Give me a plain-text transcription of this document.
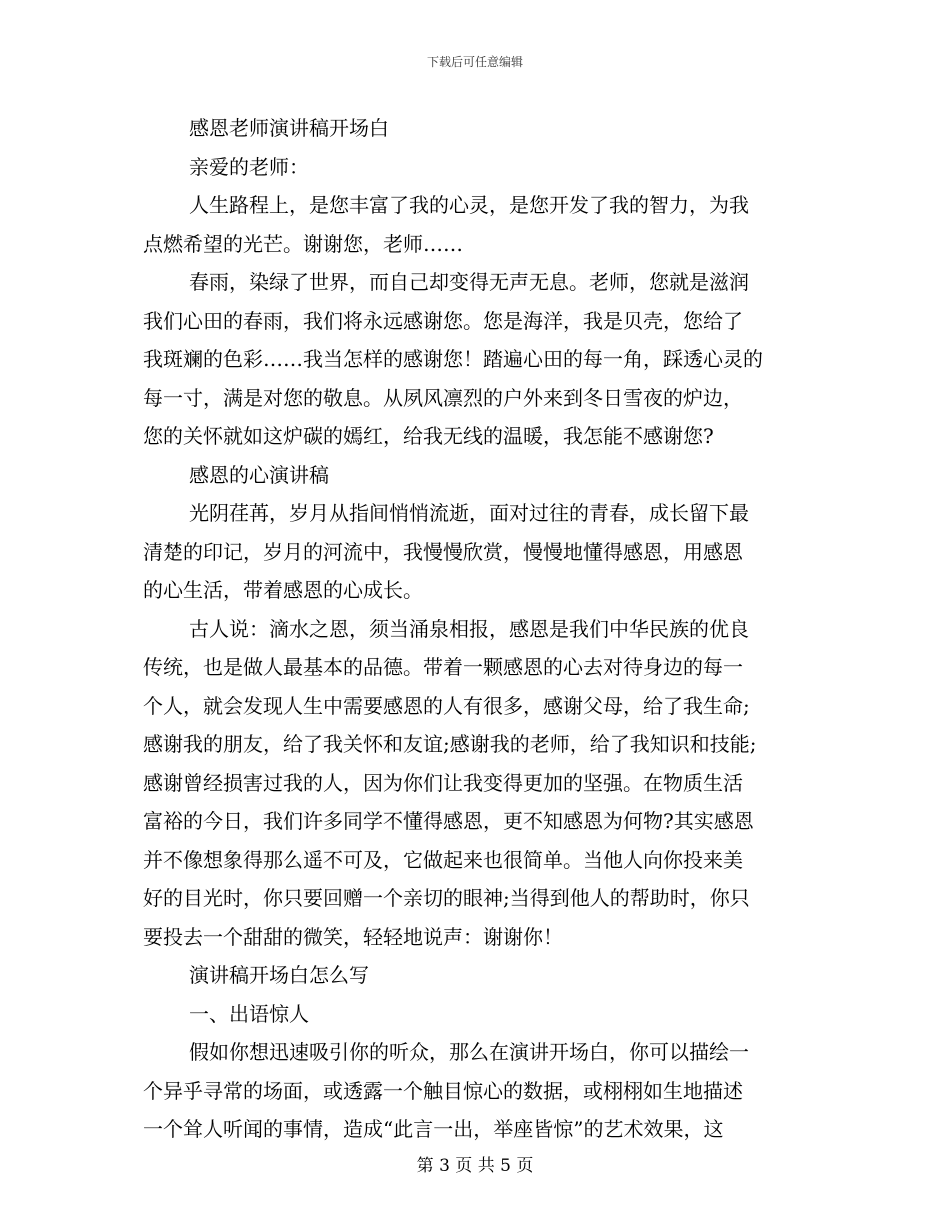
下载后可任意编辑
感恩老师演讲稿开场白
亲爱的老师：
人生路程上，是您丰富了我的心灵，是您开发了我的智力，为我
点燃希望的光芒。谢谢您，老师……
春雨，染绿了世界，而自己却变得无声无息。老师，您就是滋润
我们心田的春雨，我们将永远感谢您。您是海洋，我是贝壳，您给了
我斑斓的色彩……我当怎样的感谢您！踏遍心田的每一角，踩透心灵的
每一寸，满是对您的敬息。从夙风凛烈的户外来到冬日雪夜的炉边，
您的关怀就如这炉碳的嫣红，给我无线的温暖，我怎能不感谢您?
感恩的心演讲稿
光阴荏苒，岁月从指间悄悄流逝，面对过往的青春，成长留下最
清楚的印记，岁月的河流中，我慢慢欣赏，慢慢地懂得感恩，用感恩
的心生活，带着感恩的心成长。
古人说：滴水之恩，须当涌泉相报，感恩是我们中华民族的优良
传统，也是做人最基本的品德。带着一颗感恩的心去对待身边的每一
个人，就会发现人生中需要感恩的人有很多，感谢父母，给了我生命;
感谢我的朋友，给了我关怀和友谊;感谢我的老师，给了我知识和技能;
感谢曾经损害过我的人，因为你们让我变得更加的坚强。在物质生活
富裕的今日，我们许多同学不懂得感恩，更不知感恩为何物?其实感恩
并不像想象得那么遥不可及，它做起来也很简单。当他人向你投来美
好的目光时，你只要回赠一个亲切的眼神;当得到他人的帮助时，你只
要投去一个甜甜的微笑，轻轻地说声：谢谢你！
演讲稿开场白怎么写
一、出语惊人
假如你想迅速吸引你的听众，那么在演讲开场白，你可以描绘一
个异乎寻常的场面，或透露一个触目惊心的数据，或栩栩如生地描述
一个耸人听闻的事情，造成“此言一出，举座皆惊”的艺术效果，这
第 3 页 共 5 页
